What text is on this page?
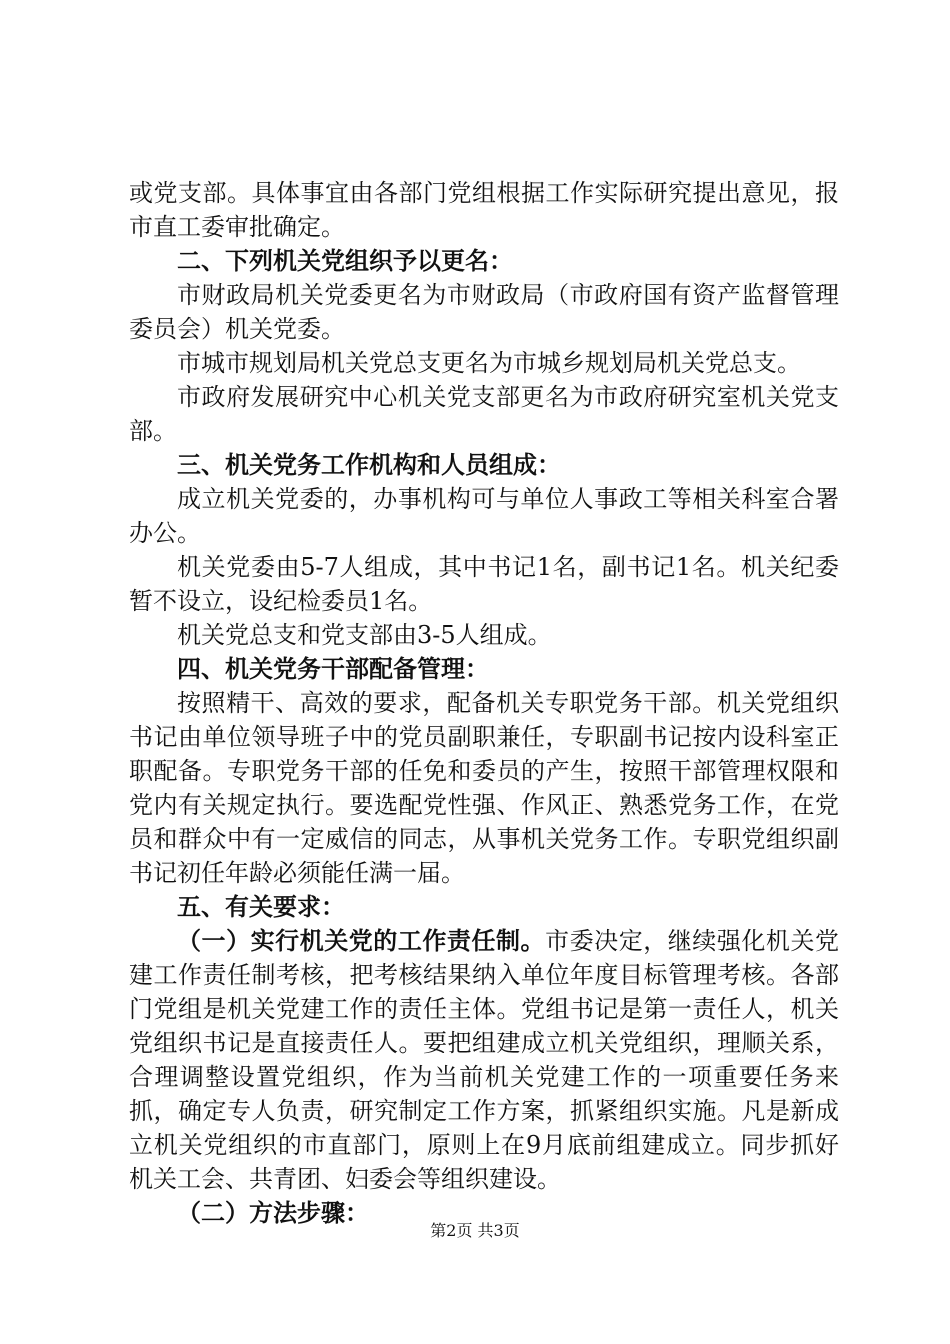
或党支部。具体事宜由各部门党组根据工作实际研究提出意见，报市直工委审批确定。

二、下列机关党组织予以更名：

市财政局机关党委更名为市财政局（市政府国有资产监督管理委员会）机关党委。

市城市规划局机关党总支更名为市城乡规划局机关党总支。

市政府发展研究中心机关党支部更名为市政府研究室机关党支部。

三、机关党务工作机构和人员组成：

成立机关党委的，办事机构可与单位人事政工等相关科室合署办公。

机关党委由5-7人组成，其中书记1名，副书记1名。机关纪委暂不设立，设纪检委员1名。

机关党总支和党支部由3-5人组成。

四、机关党务干部配备管理：

按照精干、高效的要求，配备机关专职党务干部。机关党组织书记由单位领导班子中的党员副职兼任，专职副书记按内设科室正职配备。专职党务干部的任免和委员的产生，按照干部管理权限和党内有关规定执行。要选配党性强、作风正、熟悉党务工作，在党员和群众中有一定威信的同志，从事机关党务工作。专职党组织副书记初任年龄必须能任满一届。

五、有关要求：

（一）实行机关党的工作责任制。市委决定，继续强化机关党建工作责任制考核，把考核结果纳入单位年度目标管理考核。各部门党组是机关党建工作的责任主体。党组书记是第一责任人，机关党组织书记是直接责任人。要把组建成立机关党组织，理顺关系，合理调整设置党组织，作为当前机关党建工作的一项重要任务来抓，确定专人负责，研究制定工作方案，抓紧组织实施。凡是新成立机关党组织的市直部门，原则上在9月底前组建成立。同步抓好机关工会、共青团、妇委会等组织建设。

（二）方法步骤：

第2页 共3页
